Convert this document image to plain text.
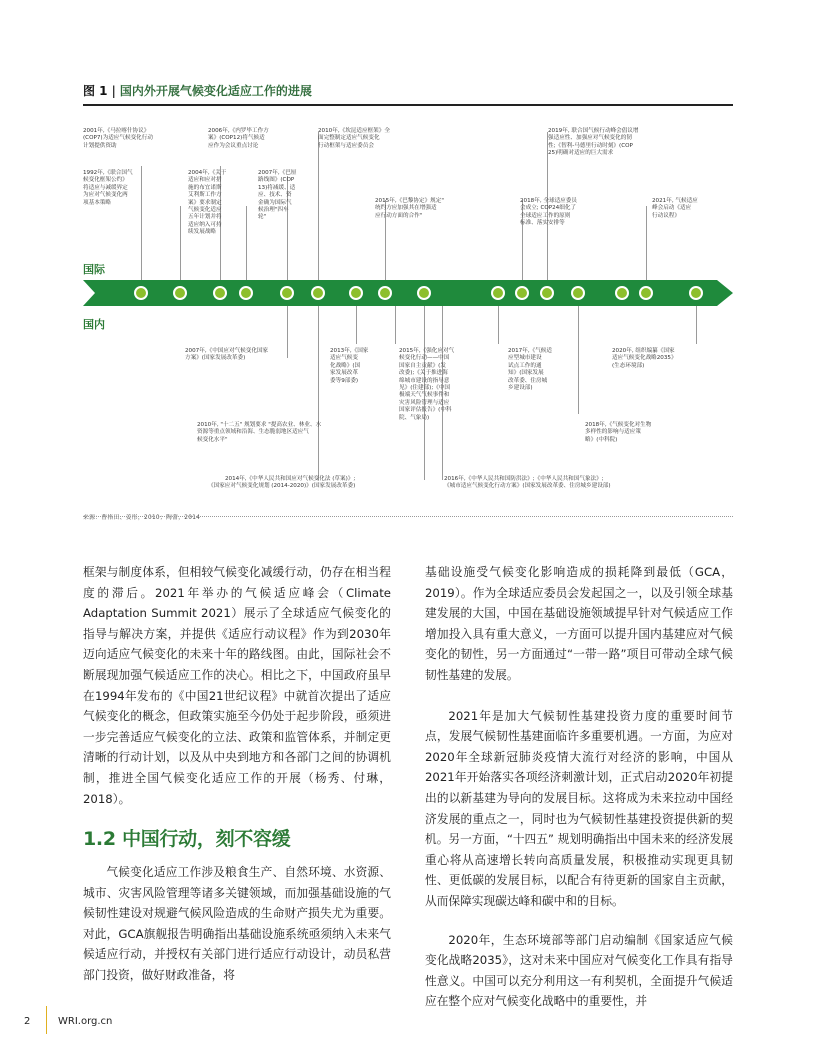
图 1 | 国内外开展气候变化适应工作的进展
国际
国内
2001年,《马拉喀什协议》
(COP7)为适应气候变化行动
计划提供资助
1992年,《联合国气
候变化框架公约》
将适应与减缓界定
为应对气候变化两
项基本策略
2006年,《内罗毕工作方
案》(COP12)将气候适
应作为会议重点讨论
2004年,《关于
适应和应对措
施的布宜诺斯
艾利斯工作方
案》要求制定
气候变化适应
五年计划并将
适应纳入可持
续发展战略
2007年,《巴厘
路线图》(COP
13)将减缓、适
应、技术、资
金确为国际气
候治理"四车
轮"
2010年,《坎昆适应框架》全
面完整制定适应气候变化
行动框架与适应委员会
2015年,《巴黎协定》规定"
统约方应加强其在增强适
应行动方面的合作"
2019年, 联合国气候行动峰会倡议增
强适应性、加强应对气候变化的韧
性;《智利-马德里行动时刻》(COP
25)明确对适应的巨大需求
2018年, 全球适应委员
会成立; COP24细化了
全球适应工作的原则
标准、落实安排等
2021年, 气候适应
峰会启动《适应
行动议程》
2007年,《中国应对气候变化国家
方案》(国家发展改革委)
2013年,《国家
适应气候变
化战略》(国
家发展改革
委等9部委)
2015年,《强化应对气
候变化行动——中国
国家自主贡献》(发
改委);《关于推进海
绵城市建设的指导意
见》(住建部);《中国
极端天气气候事件和
灾害风险管理与适应
国家评估报告》(中科
院、气象局)
2017年,《气候适
应型城市建设
试点工作的通
知》(国家发展
改革委、住房城
乡建设部)
2020年, 组织编纂《国家
适应气候变化战略2035》
(生态环境部)
2010年, "十二五" 规划要求 "提高农业、林业、水
资源等重点领域和沿海、生态脆弱地区适应气
候变化水平"
2018年,《气候变化对生物
多样性的影响与适应策
略》(中科院)
2014年,《中华人民共和国应对气候变化法 (草案)》;
《国家应对气候变化规划 (2014-2020)》(国家发展改革委)
2016年,《中华人民共和国防洪法》;《中华人民共和国气象法》;
《城市适应气候变化行动方案》(国家发展改革委、住房城乡建设部)
来源：曹格田、姜彤，2010；陶蕾，2014

框架与制度体系，但相较气候变化减缓行动，仍存在相当程度的滞后。2021年举办的气候适应峰会（Climate Adaptation Summit 2021）展示了全球适应气候变化的指导与解决方案，并提供《适应行动议程》作为到2030年迈向适应气候变化的未来十年的路线图。由此，国际社会不断展现加强气候适应工作的决心。相比之下，中国政府虽早在1994年发布的《中国21世纪议程》中就首次提出了适应气候变化的概念，但政策实施至今仍处于起步阶段，亟须进一步完善适应气候变化的立法、政策和监管体系，并制定更清晰的行动计划，以及从中央到地方和各部门之间的协调机制，推进全国气候变化适应工作的开展（杨秀、付琳，2018）。

1.2 中国行动，刻不容缓

气候变化适应工作涉及粮食生产、自然环境、水资源、城市、灾害风险管理等诸多关键领域，而加强基础设施的气候韧性建设对规避气候风险造成的生命财产损失尤为重要。对此，GCA旗舰报告明确指出基础设施系统亟须纳入未来气候适应行动，并授权有关部门进行适应行动设计，动员私营部门投资，做好财政准备，将

基础设施受气候变化影响造成的损耗降到最低（GCA，2019）。作为全球适应委员会发起国之一，以及引领全球基建发展的大国，中国在基础设施领域提早针对气候适应工作增加投入具有重大意义，一方面可以提升国内基建应对气候变化的韧性，另一方面通过“一带一路”项目可带动全球气候韧性基建的发展。

2021年是加大气候韧性基建投资力度的重要时间节点，发展气候韧性基建面临许多重要机遇。一方面，为应对2020年全球新冠肺炎疫情大流行对经济的影响，中国从2021年开始落实各项经济刺激计划，正式启动2020年初提出的以新基建为导向的发展目标。这将成为未来拉动中国经济发展的重点之一，同时也为气候韧性基建投资提供新的契机。另一方面，“十四五” 规划明确指出中国未来的经济发展重心将从高速增长转向高质量发展，积极推动实现更具韧性、更低碳的发展目标，以配合有待更新的国家自主贡献，从而保障实现碳达峰和碳中和的目标。

2020年，生态环境部等部门启动编制《国家适应气候变化战略2035》，这对未来中国应对气候变化工作具有指导性意义。中国可以充分利用这一有利契机，全面提升气候适应在整个应对气候变化战略中的重要性，并

2	WRI.org.cn
